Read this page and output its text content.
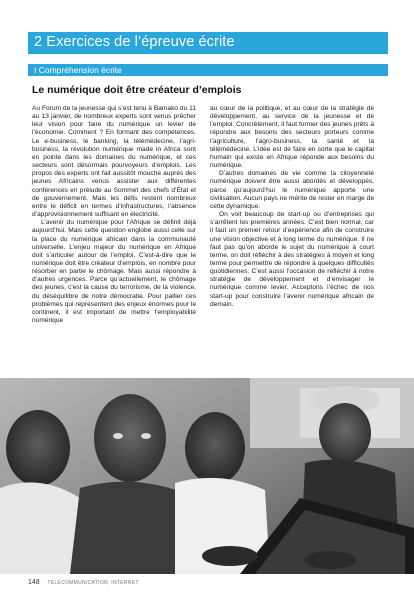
2 Exercices de l’épreuve écrite
I Compréhension écrite
Le numérique doit être créateur d’emplois

Au Forum de la jeunesse qui s’est tenu à Bamako du 11 au 13 janvier, de nombreux experts sont venus prêcher leur vision pour faire du numérique un levier de l’économie. Comment ? En formant des compétences. Le e-business, le banking, la télémédecine, l’agri-business, la révolution numérique made in Africa sont en pointe dans les domaines du numérique, et ces secteurs sont désormais pourvoyeurs d’emplois. Les propos des experts ont fait aussitôt mouche auprès des jeunes Africains venus assister aux différentes conférences en prélude au Sommet des chefs d’État et de gouvernement. Mais les défis restent nombreux entre le déficit en termes d’infrastructures, l’absence d’approvisionnement suffisant en électricité.

L’avenir du numérique pour l’Afrique se définit déjà aujourd’hui. Mais cette question englobe aussi celle sur la place du numérique africain dans la communauté universelle. L’enjeu majeur du numérique en Afrique doit s’articuler autour de l’emploi. C’est-à-dire que le numérique doit être créateur d’emplois, en nombre pour résorber en partie le chômage. Mais aussi répondre à d’autres urgences. Parce qu’actuellement, le chômage des jeunes, c’est la cause du terrorisme, de la violence, du déséquilibre de notre démocratie. Pour pallier ces problèmes qui représentent des enjeux énormes pour le continent, il est important de mettre l’employabilité numérique

au cœur de la politique, et au cœur de la stratégie de développement, au service de la jeunesse et de l’emploi. Concrètement, il faut former des jeunes prêts à répondre aux besoins des secteurs porteurs comme l’agriculture, l’agro-business, la santé et la télémédecine. L’idée est de faire en sorte que le capital humain qui existe en Afrique réponde aux besoins du numérique.

D’autres domaines de vie comme la citoyenneté numérique doivent être aussi abordés et développés, parce qu’aujourd’hui le numérique apporte une civilisation. Aucun pays ne mérite de rester en marge de cette dynamique.

On voit beaucoup de start-up ou d’entreprises qui s’arrêtent les premières années. C’est bien normal, car il faut un premier retour d’expérience afin de construire une vision objective et à long terme du numérique. Il ne faut pas qu’on aborde le sujet du numérique à court terme, on doit réfléchir à des stratégies à moyen et long terme pour permettre de répondre à quelques difficultés quotidiennes. C’est aussi l’occasion de réfléchir à notre stratégie de développement et d’envisager le numérique comme levier. Acceptons l’échec de nos start-up pour construire l’avenir numérique africain de demain.

148 TÉLÉCOMMUNICATION, INTERNET
